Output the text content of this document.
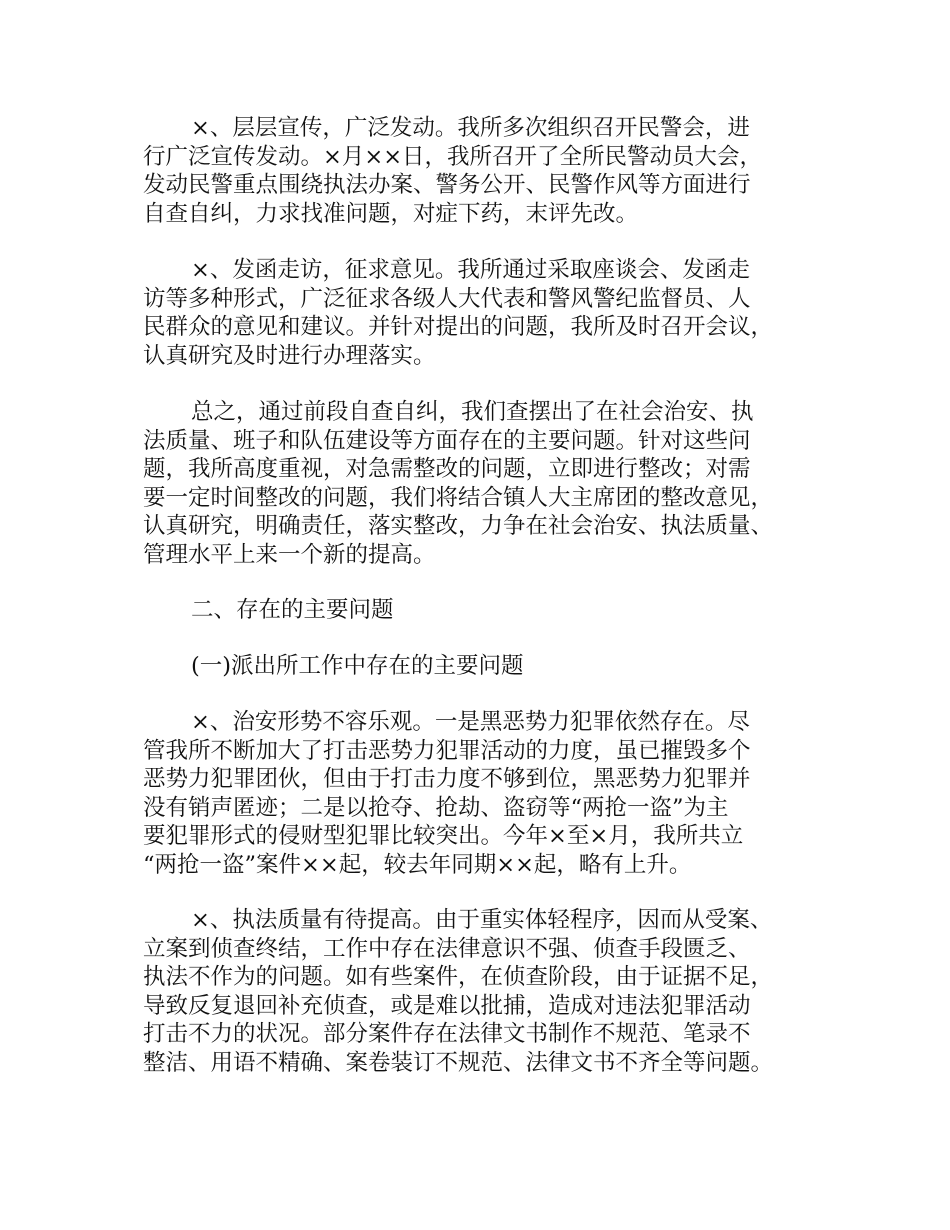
×、层层宣传，广泛发动。我所多次组织召开民警会，进
行广泛宣传发动。×月××日，我所召开了全所民警动员大会，
发动民警重点围绕执法办案、警务公开、民警作风等方面进行
自查自纠，力求找准问题，对症下药，末评先改。
×、发函走访，征求意见。我所通过采取座谈会、发函走
访等多种形式，广泛征求各级人大代表和警风警纪监督员、人
民群众的意见和建议。并针对提出的问题，我所及时召开会议，
认真研究及时进行办理落实。
总之，通过前段自查自纠，我们查摆出了在社会治安、执
法质量、班子和队伍建设等方面存在的主要问题。针对这些问
题，我所高度重视，对急需整改的问题，立即进行整改；对需
要一定时间整改的问题，我们将结合镇人大主席团的整改意见，
认真研究，明确责任，落实整改，力争在社会治安、执法质量、
管理水平上来一个新的提高。
二、存在的主要问题
(一)派出所工作中存在的主要问题
×、治安形势不容乐观。一是黑恶势力犯罪依然存在。尽
管我所不断加大了打击恶势力犯罪活动的力度，虽已摧毁多个
恶势力犯罪团伙，但由于打击力度不够到位，黑恶势力犯罪并
没有销声匿迹；二是以抢夺、抢劫、盗窃等“两抢一盗”为主
要犯罪形式的侵财型犯罪比较突出。今年×至×月，我所共立
“两抢一盗”案件××起，较去年同期××起，略有上升。
×、执法质量有待提高。由于重实体轻程序，因而从受案、
立案到侦查终结，工作中存在法律意识不强、侦查手段匮乏、
执法不作为的问题。如有些案件，在侦查阶段，由于证据不足，
导致反复退回补充侦查，或是难以批捕，造成对违法犯罪活动
打击不力的状况。部分案件存在法律文书制作不规范、笔录不
整洁、用语不精确、案卷装订不规范、法律文书不齐全等问题。
